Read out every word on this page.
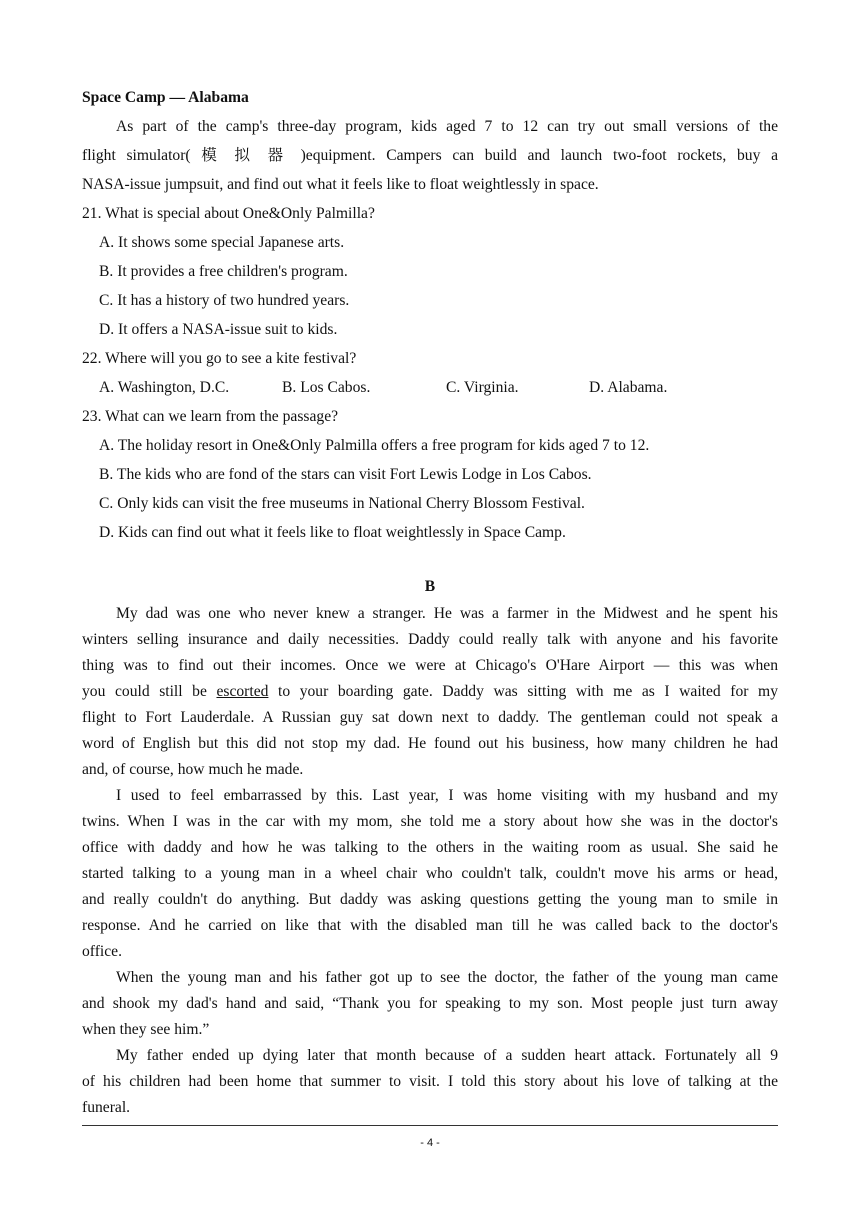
Space Camp — Alabama
As part of the camp's three-day program, kids aged 7 to 12 can try out small versions of the
flight simulator( 模 拟 器 )equipment. Campers can build and launch two-foot rockets, buy a
NASA-issue jumpsuit, and find out what it feels like to float weightlessly in space.
21. What is special about One&Only Palmilla?
A. It shows some special Japanese arts.
B. It provides a free children's program.
C. It has a history of two hundred years.
D. It offers a NASA-issue suit to kids.
22. Where will you go to see a kite festival?
A. Washington, D.C.	B. Los Cabos.	C. Virginia.	D. Alabama.
23. What can we learn from the passage?
A. The holiday resort in One&Only Palmilla offers a free program for kids aged 7 to 12.
B. The kids who are fond of the stars can visit Fort Lewis Lodge in Los Cabos.
C. Only kids can visit the free museums in National Cherry Blossom Festival.
D. Kids can find out what it feels like to float weightlessly in Space Camp.
B
My dad was one who never knew a stranger. He was a farmer in the Midwest and he spent his
winters selling insurance and daily necessities. Daddy could really talk with anyone and his favorite
thing was to find out their incomes. Once we were at Chicago's O'Hare Airport — this was when
you could still be escorted to your boarding gate. Daddy was sitting with me as I waited for my
flight to Fort Lauderdale. A Russian guy sat down next to daddy. The gentleman could not speak a
word of English but this did not stop my dad. He found out his business, how many children he had
and, of course, how much he made.
I used to feel embarrassed by this. Last year, I was home visiting with my husband and my
twins. When I was in the car with my mom, she told me a story about how she was in the doctor's
office with daddy and how he was talking to the others in the waiting room as usual. She said he
started talking to a young man in a wheel chair who couldn't talk, couldn't move his arms or head,
and really couldn't do anything. But daddy was asking questions getting the young man to smile in
response. And he carried on like that with the disabled man till he was called back to the doctor's
office.
When the young man and his father got up to see the doctor, the father of the young man came
and shook my dad's hand and said, “Thank you for speaking to my son. Most people just turn away
when they see him.”
My father ended up dying later that month because of a sudden heart attack. Fortunately all 9
of his children had been home that summer to visit. I told this story about his love of talking at the
funeral.
- 4 -
